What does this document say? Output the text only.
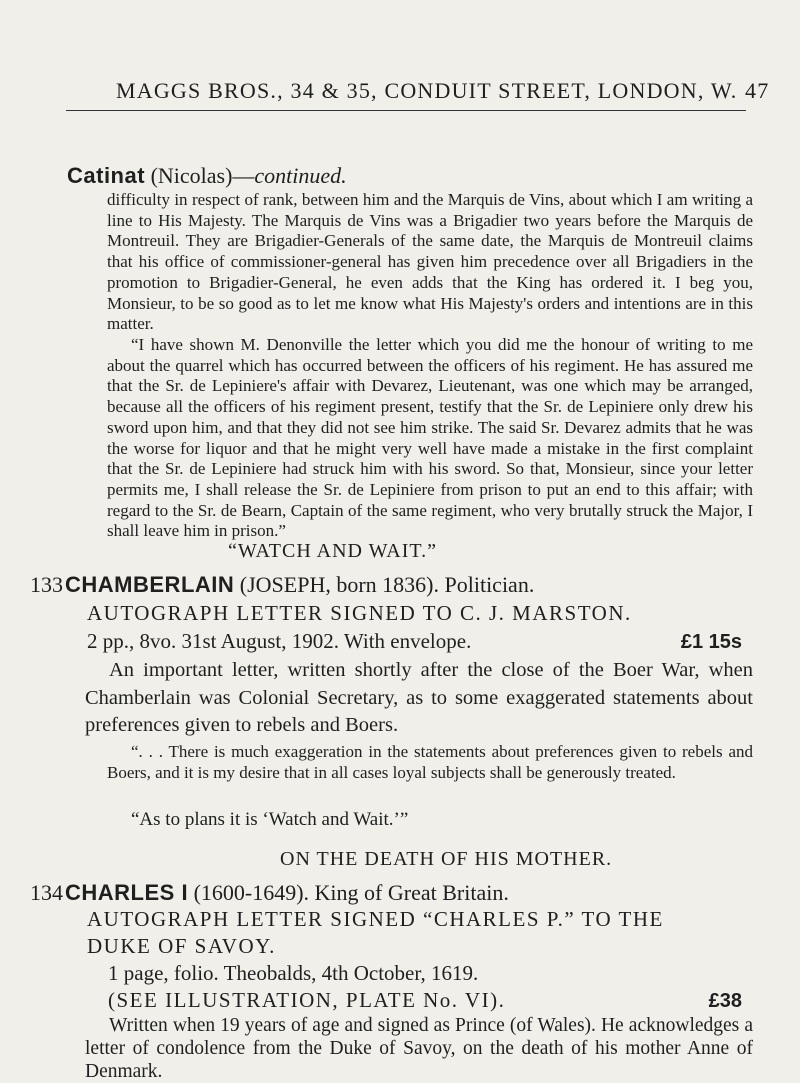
MAGGS BROS., 34 & 35, CONDUIT STREET, LONDON, W. 47
Catinat (Nicolas)—continued.

difficulty in respect of rank, between him and the Marquis de Vins, about which I am writing a line to His Majesty. The Marquis de Vins was a Brigadier two years before the Marquis de Montreuil. They are Brigadier-Generals of the same date, the Marquis de Montreuil claims that his office of commissioner-general has given him precedence over all Brigadiers in the promotion to Brigadier-General, he even adds that the King has ordered it. I beg you, Monsieur, to be so good as to let me know what His Majesty's orders and intentions are in this matter.

“I have shown M. Denonville the letter which you did me the honour of writing to me about the quarrel which has occurred between the officers of his regiment. He has assured me that the Sr. de Lepiniere's affair with Devarez, Lieutenant, was one which may be arranged, because all the officers of his regiment present, testify that the Sr. de Lepiniere only drew his sword upon him, and that they did not see him strike. The said Sr. Devarez admits that he was the worse for liquor and that he might very well have made a mistake in the first complaint that the Sr. de Lepiniere had struck him with his sword. So that, Monsieur, since your letter permits me, I shall release the Sr. de Lepiniere from prison to put an end to this affair; with regard to the Sr. de Bearn, Captain of the same regiment, who very brutally struck the Major, I shall leave him in prison.”

“WATCH AND WAIT.”
133 CHAMBERLAIN (JOSEPH, born 1836). Politician.
AUTOGRAPH LETTER SIGNED TO C. J. MARSTON.
2 pp., 8vo. 31st August, 1902. With envelope.	£1 15s

An important letter, written shortly after the close of the Boer War, when Chamberlain was Colonial Secretary, as to some exaggerated statements about preferences given to rebels and Boers.

“. . . There is much exaggeration in the statements about preferences given to rebels and Boers, and it is my desire that in all cases loyal subjects shall be generously treated.

“As to plans it is ‘Watch and Wait.’”

ON THE DEATH OF HIS MOTHER.
134 CHARLES I (1600-1649). King of Great Britain.
AUTOGRAPH LETTER SIGNED “CHARLES P.” TO THE
DUKE OF SAVOY.
1 page, folio. Theobalds, 4th October, 1619.
(SEE ILLUSTRATION, PLATE No. VI).	£38

Written when 19 years of age and signed as Prince (of Wales). He acknowledges a letter of condolence from the Duke of Savoy, on the death of his mother Anne of Denmark.
